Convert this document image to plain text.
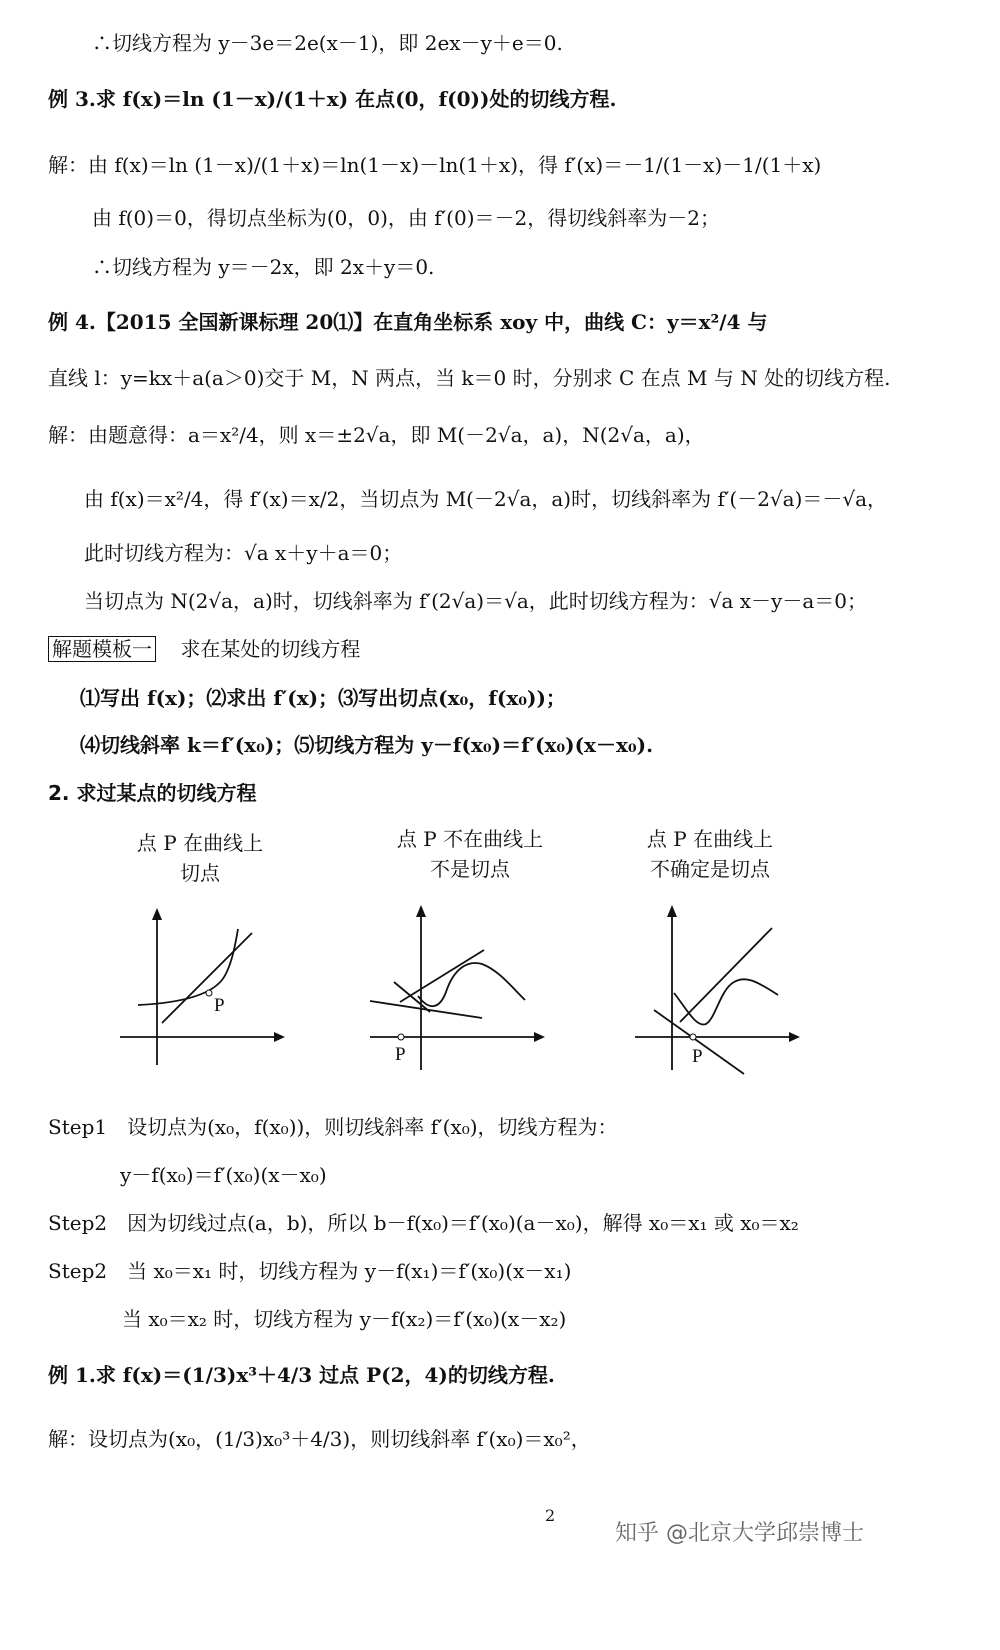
∴切线方程为 y－3e＝2e(x－1)，即 2ex－y＋e＝0.
例 3.求 f(x)＝ln (1－x)/(1＋x) 在点(0，f(0))处的切线方程.
解：由 f(x)＝ln (1－x)/(1＋x)＝ln(1－x)－ln(1＋x)，得 f′(x)＝－1/(1－x)－1/(1＋x)
由 f(0)＝0，得切点坐标为(0，0)，由 f′(0)＝－2，得切线斜率为－2；
∴切线方程为 y＝－2x，即 2x＋y＝0.
例 4.【2015 全国新课标理 20⑴】在直角坐标系 xoy 中，曲线 C：y＝x²/4 与
直线 l：y=kx＋a(a＞0)交于 M，N 两点，当 k＝0 时，分别求 C 在点 M 与 N 处的切线方程.
解：由题意得：a＝x²/4，则 x＝±2√a，即 M(－2√a，a)，N(2√a，a)，
由 f(x)＝x²/4，得 f′(x)＝x/2，当切点为 M(－2√a，a)时，切线斜率为 f′(－2√a)＝－√a，
此时切线方程为：√a x＋y＋a＝0；
当切点为 N(2√a，a)时，切线斜率为 f′(2√a)＝√a，此时切线方程为：√a x－y－a＝0；
解题模板一 求在某处的切线方程
⑴写出 f(x)；⑵求出 f′(x)；⑶写出切点(x₀，f(x₀))；
⑷切线斜率 k＝f′(x₀)；⑸切线方程为 y－f(x₀)＝f′(x₀)(x－x₀).
2. 求过某点的切线方程
点 P 在曲线上
切点
点 P 不在曲线上
不是切点
点 P 在曲线上
不确定是切点
P
P	P
Step1　设切点为(x₀，f(x₀))，则切线斜率 f′(x₀)，切线方程为：
y－f(x₀)＝f′(x₀)(x－x₀)
Step2　因为切线过点(a，b)，所以 b－f(x₀)＝f′(x₀)(a－x₀)，解得 x₀＝x₁ 或 x₀＝x₂
Step2　当 x₀＝x₁ 时，切线方程为 y－f(x₁)＝f′(x₀)(x－x₁)
当 x₀＝x₂ 时，切线方程为 y－f(x₂)＝f′(x₀)(x－x₂)
例 1.求 f(x)＝(1/3)x³＋4/3 过点 P(2，4)的切线方程.
解：设切点为(x₀，(1/3)x₀³＋4/3)，则切线斜率 f′(x₀)＝x₀²，
2
知乎 @北京大学邱崇博士
